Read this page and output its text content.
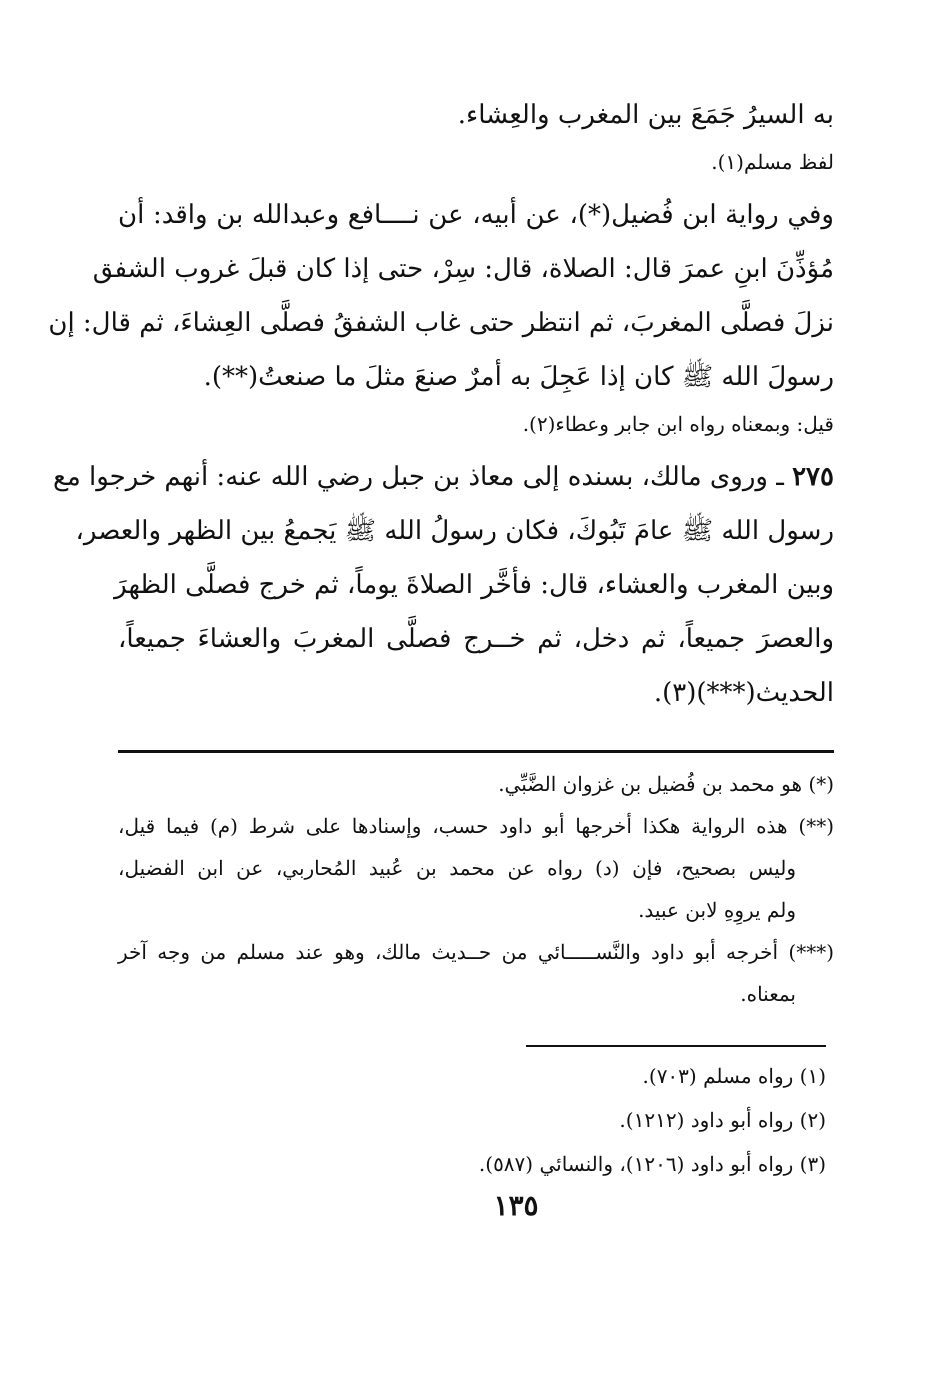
به السيرُ جَمَعَ بين المغرب والعِشاء.
لفظ مسلم(١).
وفي رواية ابن فُضيل(*)، عن أبيه، عن نــــافع وعبدالله بن واقد: أن
مُؤذِّنَ ابنِ عمرَ قال: الصلاة، قال: سِرْ، حتى إذا كان قبلَ غروب الشفق
نزلَ فصلَّى المغربَ، ثم انتظر حتى غاب الشفقُ فصلَّى العِشاءَ، ثم قال: إن
رسولَ الله ﷺ كان إذا عَجِلَ به أمرٌ صنعَ مثلَ ما صنعتُ(**).
قيل: وبمعناه رواه ابن جابر وعطاء(٢).
٢٧٥ ـ وروى مالك، بسنده إلى معاذ بن جبل رضي الله عنه: أنهم خرجوا مع
رسول الله ﷺ عامَ تَبُوكَ، فكان رسولُ الله ﷺ يَجمعُ بين الظهر والعصر،
وبين المغرب والعشاء، قال: فأخَّر الصلاةَ يوماً، ثم خرج فصلَّى الظهرَ
والعصرَ جميعاً، ثم دخل، ثم خــرج فصلَّى المغربَ والعشاءَ جميعاً،
الحديث(***)(٣).
(*) هو محمد بن فُضيل بن غزوان الضَّبِّي.
(**) هذه الرواية هكذا أخرجها أبو داود حسب، وإسنادها على شرط (م) فيما قيل،
وليس بصحيح، فإن (د) رواه عن محمد بن عُبيد المُحاربي، عن ابن الفضيل،
ولم يروِهِ لابن عبيد.
(***) أخرجه أبو داود والنَّســـــائي من حــديث مالك، وهو عند مسلم من وجه آخر
بمعناه.
(١) رواه مسلم (٧٠٣).
(٢) رواه أبو داود (١٢١٢).
(٣) رواه أبو داود (١٢٠٦)، والنسائي (٥٨٧).
١٣٥
